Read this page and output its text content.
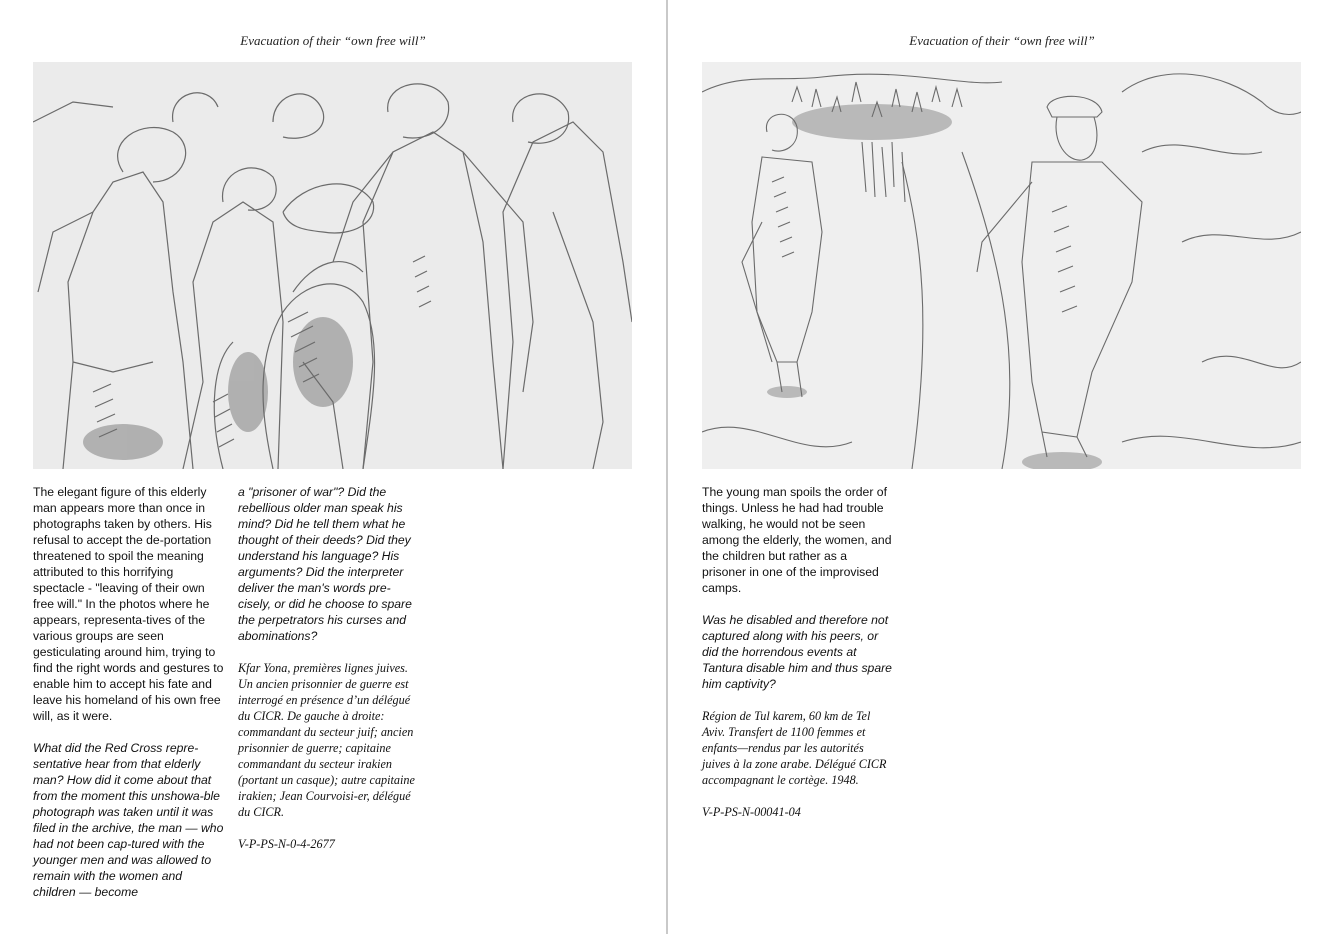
Evacuation of their “own free will”

The elegant figure of this elderly man appears more than once in photographs taken by others. His refusal to accept the de-portation threatened to spoil the meaning attributed to this horrifying spectacle - "leaving of their own free will." In the photos where he appears, representa-tives of the various groups are seen gesticulating around him, trying to find the right words and gestures to enable him to accept his fate and leave his homeland of his own free will, as it were.

What did the Red Cross repre-sentative hear from that elderly man? How did it come about that from the moment this unshowa-ble photograph was taken until it was filed in the archive, the man — who had not been cap-tured with the younger men and was allowed to remain with the women and children — become

a "prisoner of war"? Did the rebellious older man speak his mind? Did he tell them what he thought of their deeds? Did they understand his language? His arguments? Did the interpreter deliver the man's words pre-cisely, or did he choose to spare the perpetrators his curses and abominations?

Kfar Yona, premières lignes juives. Un ancien prisonnier de guerre est interrogé en présence d’un délégué du CICR. De gauche à droite: commandant du secteur juif; ancien prisonnier de guerre; capitaine commandant du secteur irakien (portant un casque); autre capitaine irakien; Jean Courvoisi-er, délégué du CICR.

V-P-PS-N-0-4-2677

Evacuation of their “own free will”

The young man spoils the order of things. Unless he had had trouble walking, he would not be seen among the elderly, the women, and the children but rather as a prisoner in one of the improvised camps.

Was he disabled and therefore not captured along with his peers, or did the horrendous events at Tantura disable him and thus spare him captivity?

Région de Tul karem, 60 km de Tel Aviv. Transfert de 1100 femmes et enfants—rendus par les autorités juives à la zone arabe. Délégué CICR accompagnant le cortège. 1948.

V-P-PS-N-00041-04
